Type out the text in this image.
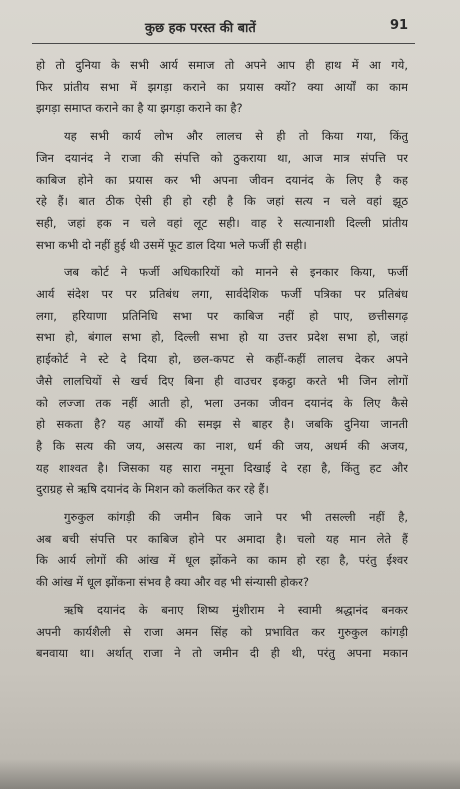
कुछ हक परस्त की बातें	91

हो तो दुनिया के सभी आर्य समाज तो अपने आप ही हाथ में आ गये,
फिर प्रांतीय सभा में झगड़ा कराने का प्रयास क्यों? क्या आर्यों का काम
झगड़ा समाप्त कराने का है या झगड़ा कराने का है?

यह सभी कार्य लोभ और लालच से ही तो किया गया, किंतु
जिन दयानंद ने राजा की संपत्ति को ठुकराया था, आज मात्र संपत्ति पर
काबिज होने का प्रयास कर भी अपना जीवन दयानंद के लिए है कह
रहे हैं। बात ठीक ऐसी ही हो रही है कि जहां सत्य न चले वहां झूठ
सही, जहां हक न चले वहां लूट सही। वाह रे सत्यानाशी दिल्ली प्रांतीय
सभा कभी दो नहीं हुई थी उसमें फूट डाल दिया भले फर्जी ही सही।

जब कोर्ट ने फर्जी अधिकारियों को मानने से इनकार किया, फर्जी
आर्य संदेश पर पर प्रतिबंध लगा, सार्वदेशिक फर्जी पत्रिका पर प्रतिबंध
लगा, हरियाणा प्रतिनिधि सभा पर काबिज नहीं हो पाए, छत्तीसगढ़
सभा हो, बंगाल सभा हो, दिल्ली सभा हो या उत्तर प्रदेश सभा हो, जहां
हाईकोर्ट ने स्टे दे दिया हो, छल-कपट से कहीं-कहीं लालच देकर अपने
जैसे लालचियों से खर्च दिए बिना ही वाउचर इकट्ठा करते भी जिन लोगों
को लज्जा तक नहीं आती हो, भला उनका जीवन दयानंद के लिए कैसे
हो सकता है? यह आर्यों की समझ से बाहर है। जबकि दुनिया जानती
है कि सत्य की जय, असत्य का नाश, धर्म की जय, अधर्म की अजय,
यह शाश्वत है। जिसका यह सारा नमूना दिखाई दे रहा है, किंतु हट और
दुराग्रह से ऋषि दयानंद के मिशन को कलंकित कर रहे हैं।

गुरुकुल कांगड़ी की जमीन बिक जाने पर भी तसल्ली नहीं है,
अब बची संपत्ति पर काबिज होने पर अमादा है। चलो यह मान लेते हैं
कि आर्य लोगों की आंख में धूल झोंकने का काम हो रहा है, परंतु ईश्वर
की आंख में धूल झोंकना संभव है क्या और वह भी संन्यासी होकर?

ऋषि दयानंद के बनाए शिष्य मुंशीराम ने स्वामी श्रद्धानंद बनकर
अपनी कार्यशैली से राजा अमन सिंह को प्रभावित कर गुरुकुल कांगड़ी
बनवाया था। अर्थात् राजा ने तो जमीन दी ही थी, परंतु अपना मकान
